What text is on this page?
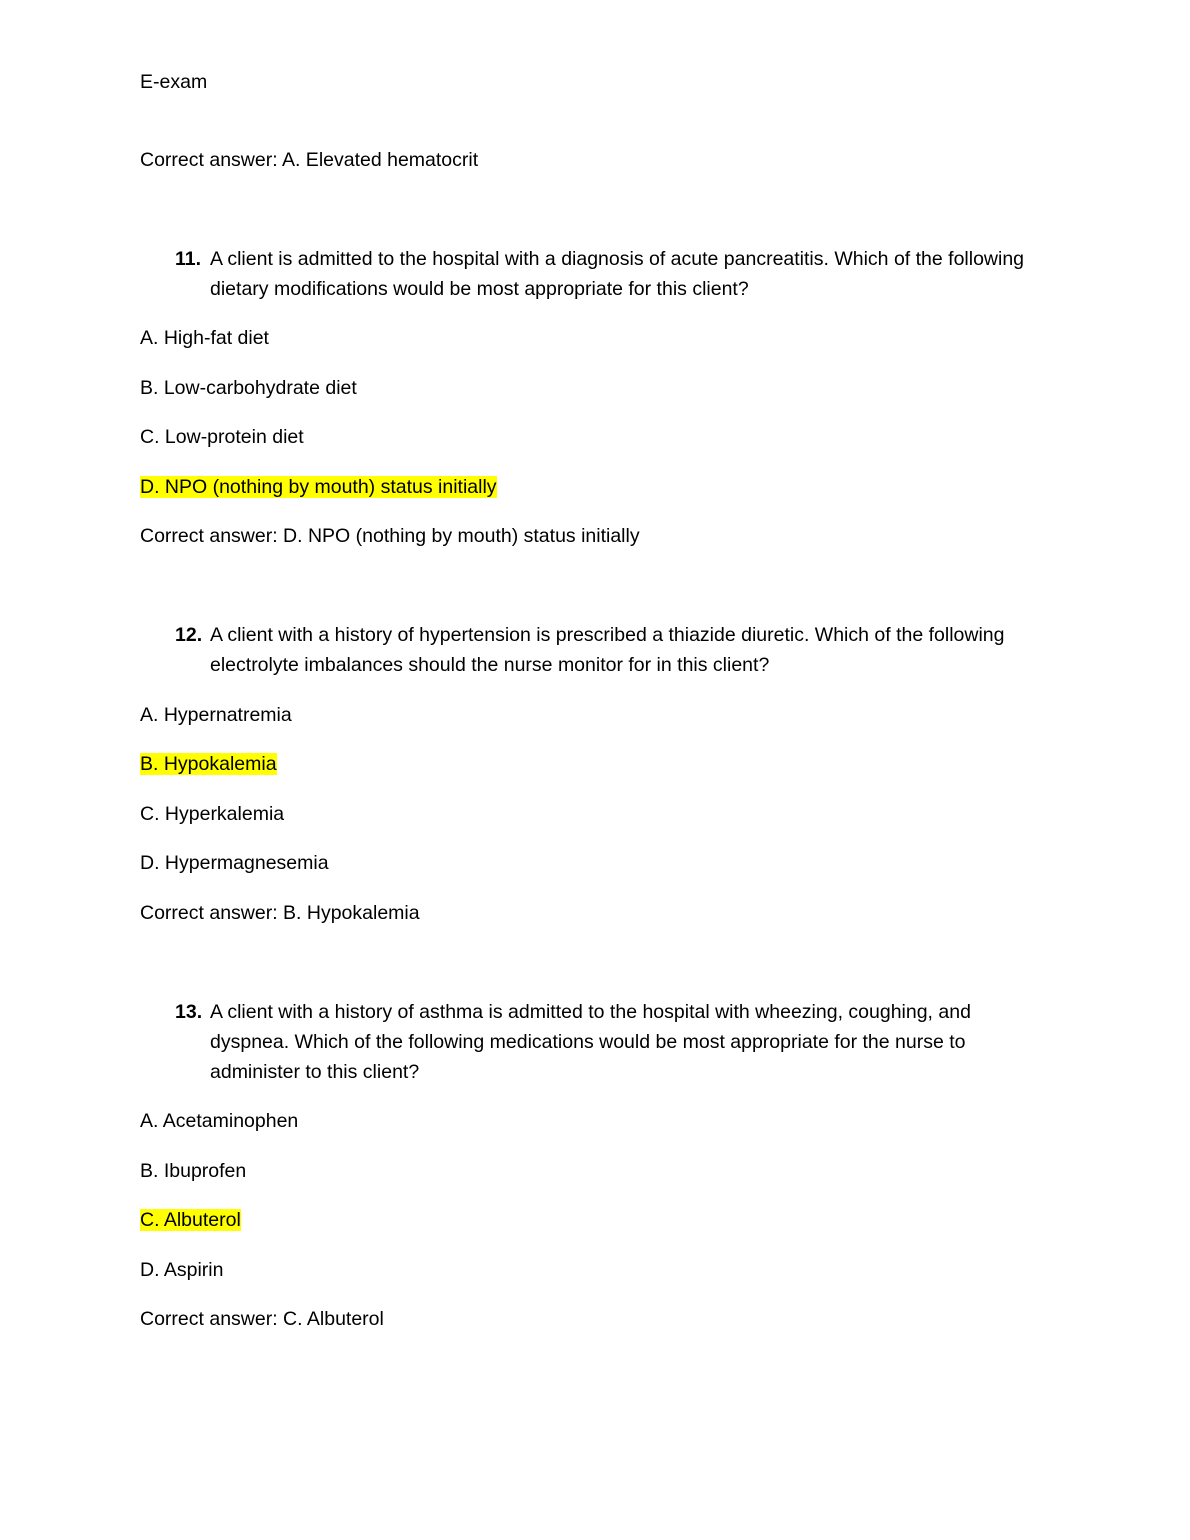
E-exam
Correct answer: A. Elevated hematocrit
11. A client is admitted to the hospital with a diagnosis of acute pancreatitis. Which of the following dietary modifications would be most appropriate for this client?
A. High-fat diet
B. Low-carbohydrate diet
C. Low-protein diet
D. NPO (nothing by mouth) status initially
Correct answer: D. NPO (nothing by mouth) status initially
12. A client with a history of hypertension is prescribed a thiazide diuretic. Which of the following electrolyte imbalances should the nurse monitor for in this client?
A. Hypernatremia
B. Hypokalemia
C. Hyperkalemia
D. Hypermagnesemia
Correct answer: B. Hypokalemia
13. A client with a history of asthma is admitted to the hospital with wheezing, coughing, and dyspnea. Which of the following medications would be most appropriate for the nurse to administer to this client?
A. Acetaminophen
B. Ibuprofen
C. Albuterol
D. Aspirin
Correct answer: C. Albuterol
